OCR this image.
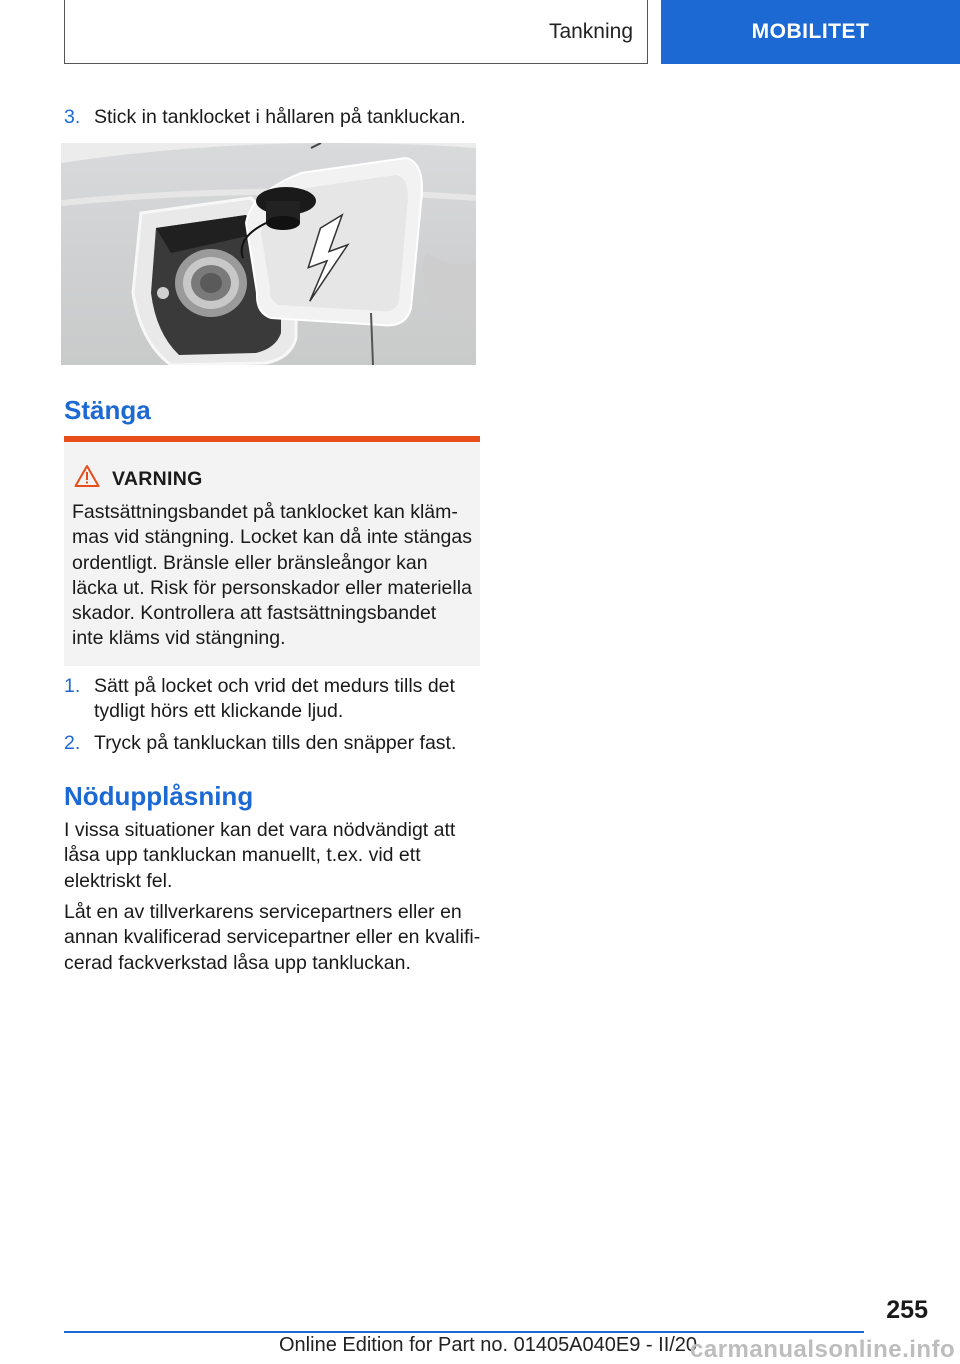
Tankning	MOBILITET
3. Stick in tanklocket i hållaren på tankluckan.
Stänga
VARNING
Fastsättningsbandet på tanklocket kan klämmas vid stängning. Locket kan då inte stängas ordentligt. Bränsle eller bränsleångor kan läcka ut. Risk för personskador eller materiella skador. Kontrollera att fastsättningsbandet inte kläms vid stängning.
1. Sätt på locket och vrid det medurs tills det tydligt hörs ett klickande ljud.
2. Tryck på tankluckan tills den snäpper fast.
Nödupplåsning
I vissa situationer kan det vara nödvändigt att låsa upp tankluckan manuellt, t.ex. vid ett elektriskt fel.
Låt en av tillverkarens servicepartners eller en annan kvalificerad servicepartner eller en kvalificerad fackverkstad låsa upp tankluckan.
255
Online Edition for Part no. 01405A040E9 - II/20
carmanualsonline.info
